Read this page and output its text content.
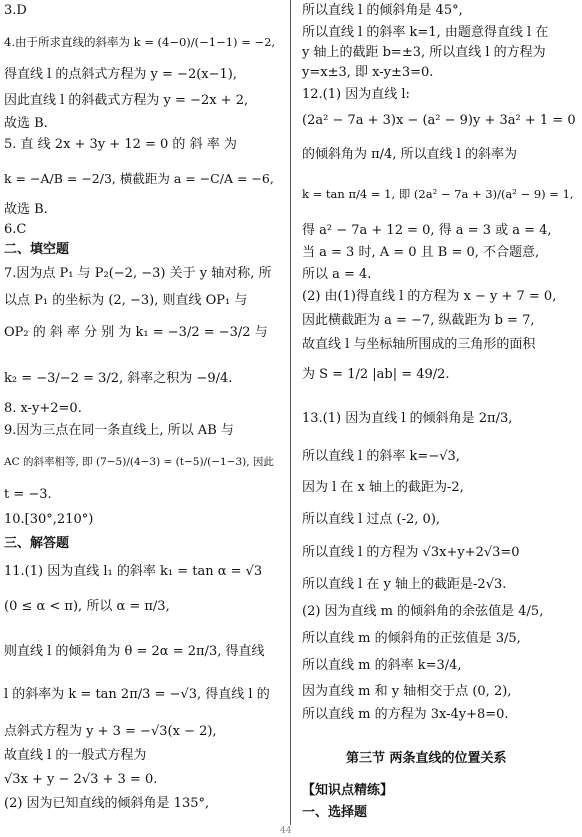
3.D
4.由于所求直线的斜率为 k = (4−0)/(−1−1) = −2,
得直线 l 的点斜式方程为 y = −2(x−1),
因此直线 l 的斜截式方程为 y = −2x + 2,
故选 B.
5. 直 线 2x + 3y + 12 = 0 的 斜 率 为
k = −A/B = −2/3, 横截距为 a = −C/A = −6,
故选 B.
6.C
二、填空题
7.因为点 P₁ 与 P₂(−2, −3) 关于 y 轴对称, 所
以点 P₁ 的坐标为 (2, −3), 则直线 OP₁ 与
OP₂ 的 斜 率 分 别 为 k₁ = −3/2 = −3/2 与
k₂ = −3/−2 = 3/2, 斜率之积为 −9/4.
8. x-y+2=0.
9.因为三点在同一条直线上, 所以 AB 与
AC 的斜率相等, 即 (7−5)/(4−3) = (t−5)/(−1−3), 因此
t = −3.
10.[30°,210°)
三、解答题
11.(1) 因为直线 l₁ 的斜率 k₁ = tan α = √3
(0 ≤ α < π), 所以 α = π/3,
则直线 l 的倾斜角为 θ = 2α = 2π/3, 得直线
l 的斜率为 k = tan 2π/3 = −√3, 得直线 l 的
点斜式方程为 y + 3 = −√3(x − 2),
故直线 l 的一般式方程为
√3x + y − 2√3 + 3 = 0.
(2) 因为已知直线的倾斜角是 135°,
所以直线 l 的倾斜角是 45°,
所以直线 l 的斜率 k=1, 由题意得直线 l 在
y 轴上的截距 b=±3, 所以直线 l 的方程为
y=x±3, 即 x-y±3=0.
12.(1) 因为直线 l:
(2a² − 7a + 3)x − (a² − 9)y + 3a² + 1 = 0
的倾斜角为 π/4, 所以直线 l 的斜率为
k = tan π/4 = 1, 即 (2a² − 7a + 3)/(a² − 9) = 1,
得 a² − 7a + 12 = 0, 得 a = 3 或 a = 4,
当 a = 3 时, A = 0 且 B = 0, 不合题意,
所以 a = 4.
(2) 由(1)得直线 l 的方程为 x − y + 7 = 0,
因此横截距为 a = −7, 纵截距为 b = 7,
故直线 l 与坐标轴所围成的三角形的面积
为 S = 1/2 |ab| = 49/2.
13.(1) 因为直线 l 的倾斜角是 2π/3,
所以直线 l 的斜率 k=−√3,
因为 l 在 x 轴上的截距为-2,
所以直线 l 过点 (-2, 0),
所以直线 l 的方程为 √3x+y+2√3=0
所以直线 l 在 y 轴上的截距是-2√3.
(2) 因为直线 m 的倾斜角的余弦值是 4/5,
所以直线 m 的倾斜角的正弦值是 3/5,
所以直线 m 的斜率 k=3/4,
因为直线 m 和 y 轴相交于点 (0, 2),
所以直线 m 的方程为 3x-4y+8=0.
第三节 两条直线的位置关系
【知识点精练】
一、选择题
44
